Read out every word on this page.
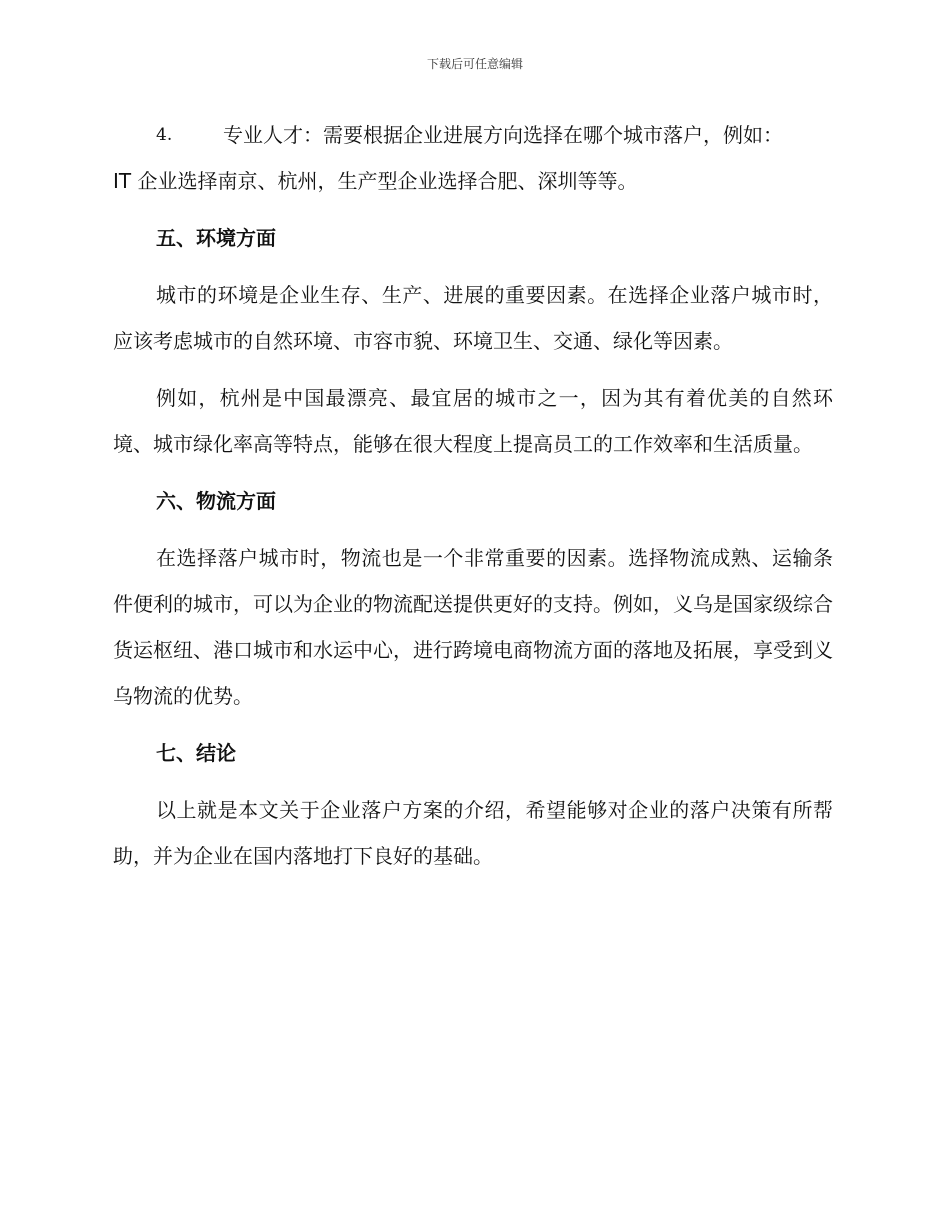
下载后可任意编辑
4.	专业人才：需要根据企业进展方向选择在哪个城市落户，例如：
IT 企业选择南京、杭州，生产型企业选择合肥、深圳等等。
五、环境方面

城市的环境是企业生存、生产、进展的重要因素。在选择企业落户城市时，应该考虑城市的自然环境、市容市貌、环境卫生、交通、绿化等因素。

例如，杭州是中国最漂亮、最宜居的城市之一，因为其有着优美的自然环境、城市绿化率高等特点，能够在很大程度上提高员工的工作效率和生活质量。

六、物流方面

在选择落户城市时，物流也是一个非常重要的因素。选择物流成熟、运输条件便利的城市，可以为企业的物流配送提供更好的支持。例如，义乌是国家级综合货运枢纽、港口城市和水运中心，进行跨境电商物流方面的落地及拓展，享受到义乌物流的优势。

七、结论

以上就是本文关于企业落户方案的介绍，希望能够对企业的落户决策有所帮助，并为企业在国内落地打下良好的基础。
